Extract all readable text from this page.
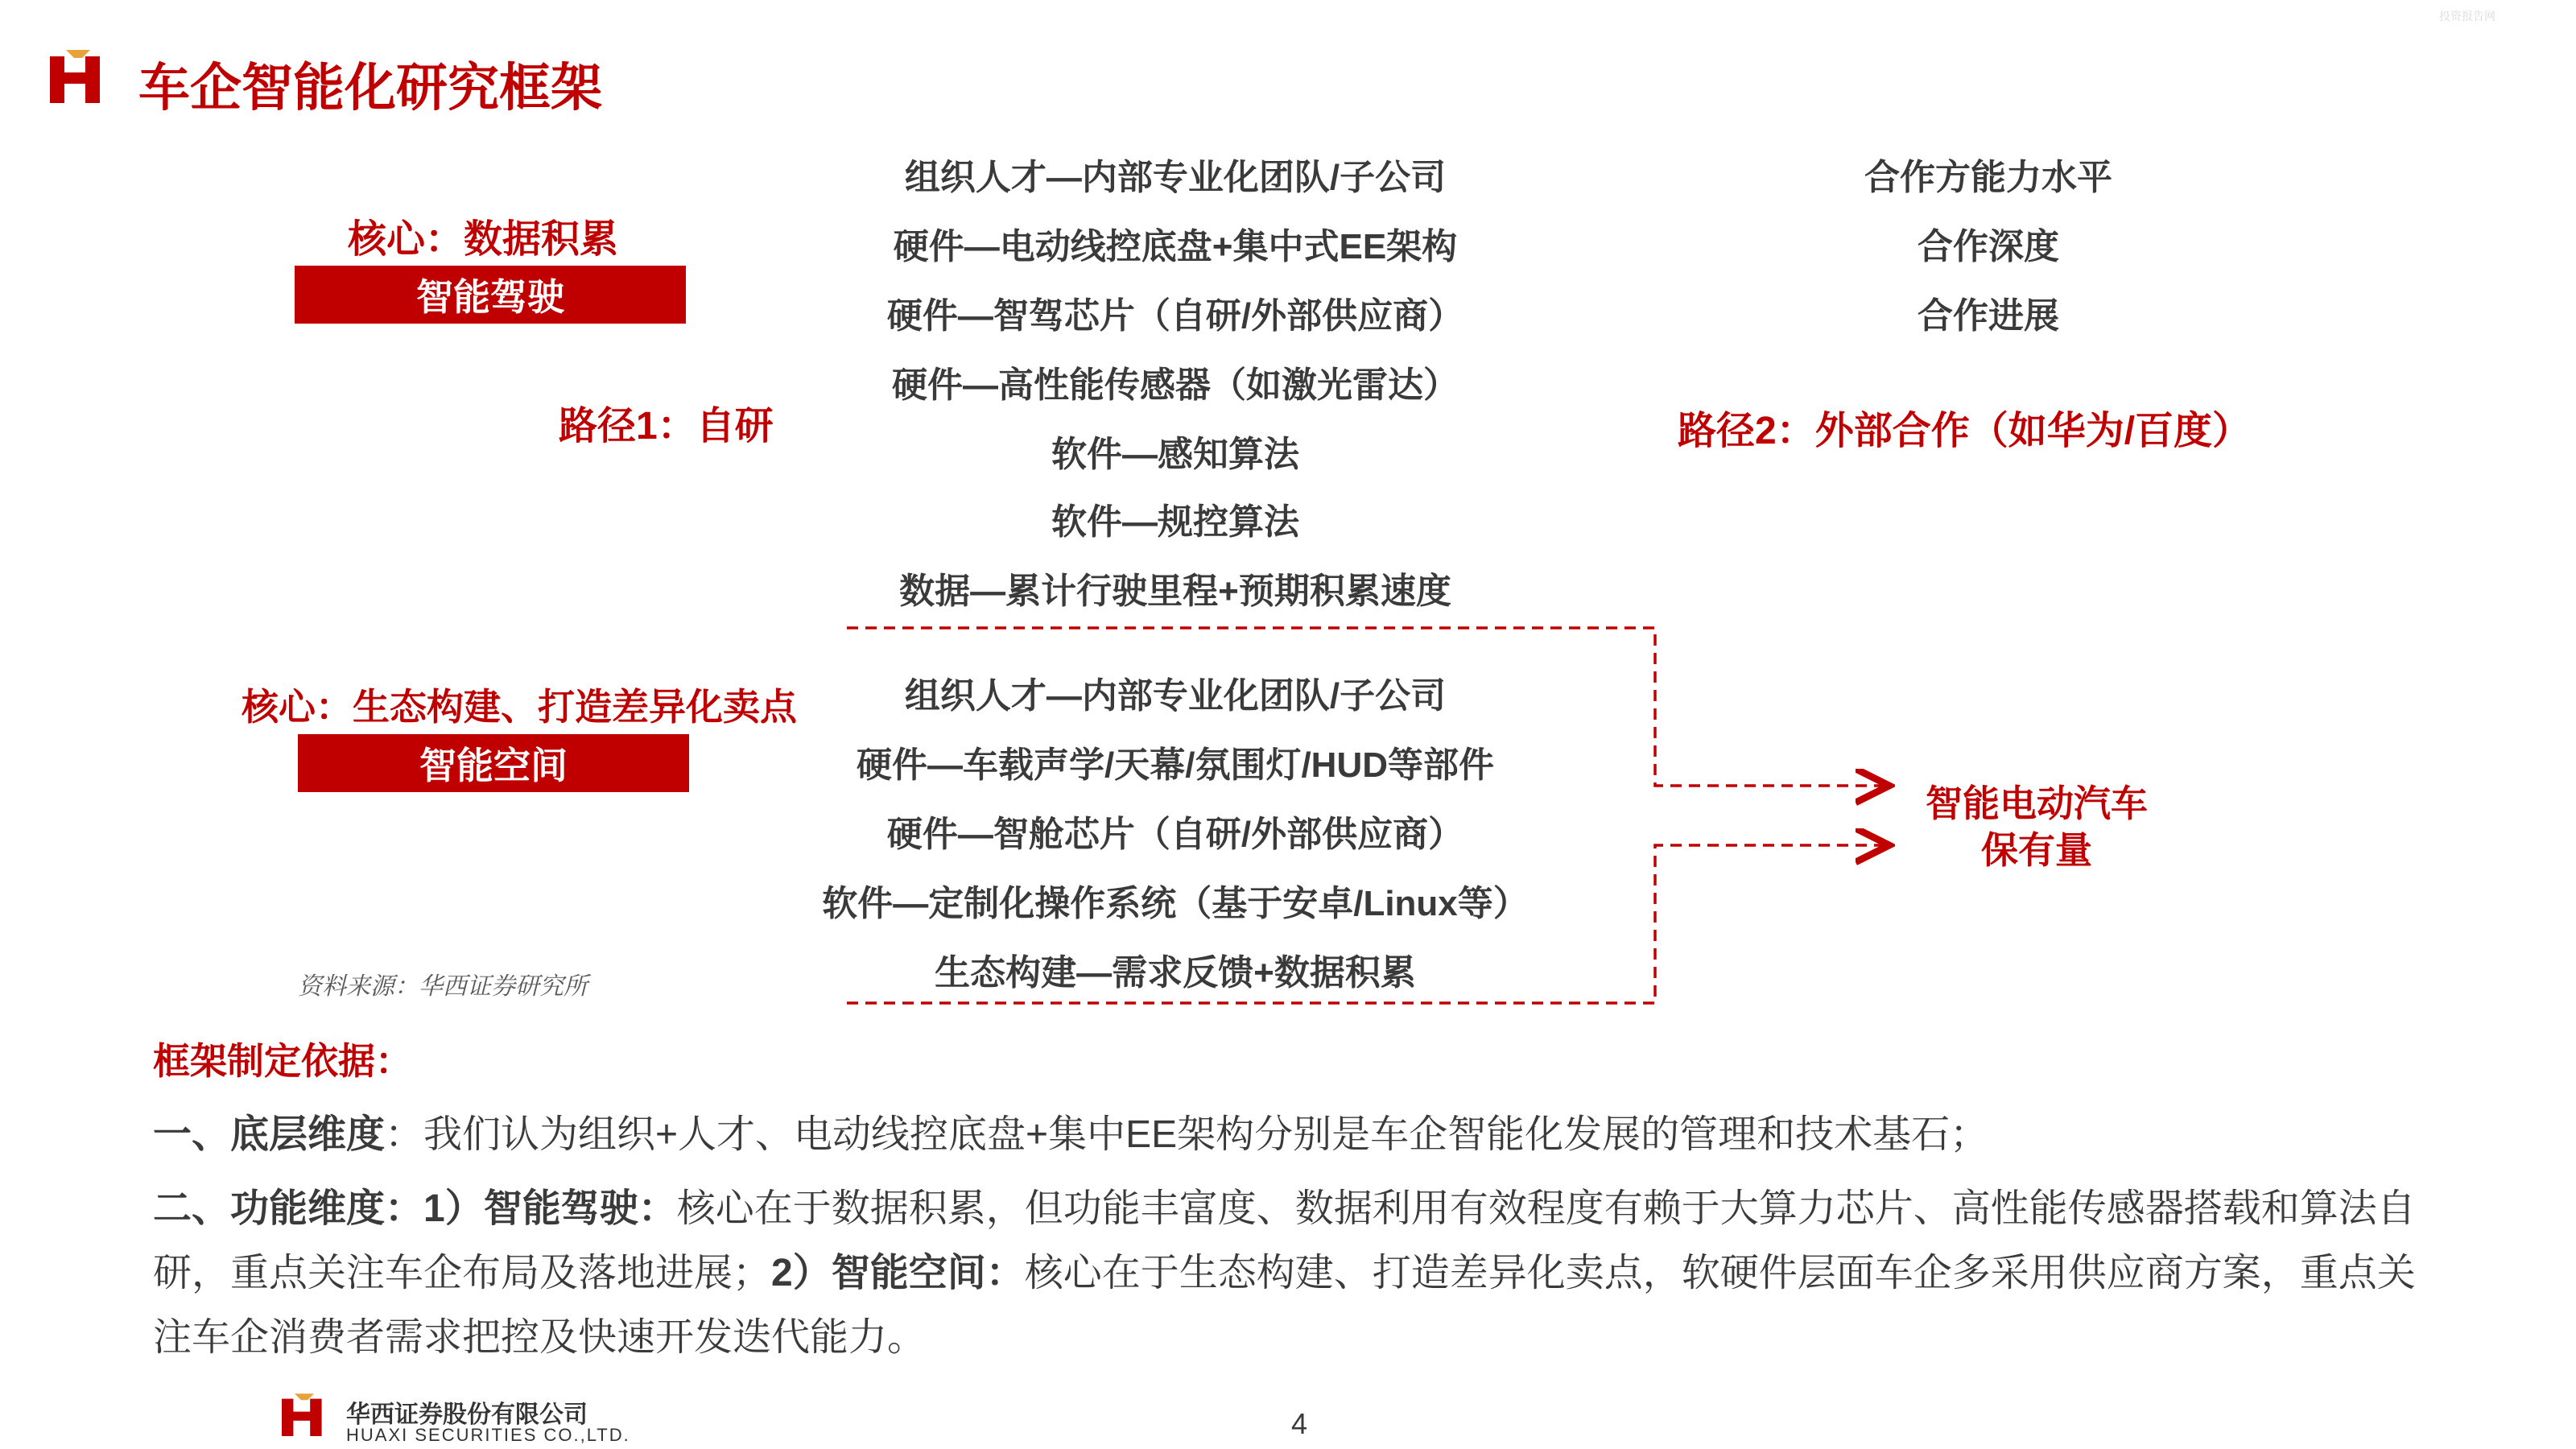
投资报告网
车企智能化研究框架
核心：数据积累
智能驾驶
组织人才—内部专业化团队/子公司
硬件—电动线控底盘+集中式EE架构
硬件—智驾芯片（自研/外部供应商）
硬件—高性能传感器（如激光雷达）
软件—感知算法
软件—规控算法
数据—累计行驶里程+预期积累速度
路径1：自研
合作方能力水平
合作深度
合作进展
路径2：外部合作（如华为/百度）
核心：生态构建、打造差异化卖点
智能空间
组织人才—内部专业化团队/子公司
硬件—车载声学/天幕/氛围灯/HUD等部件
硬件—智舱芯片（自研/外部供应商）
软件—定制化操作系统（基于安卓/Linux等）
生态构建—需求反馈+数据积累
智能电动汽车
保有量
资料来源：华西证券研究所
框架制定依据：
一、底层维度：我们认为组织+人才、电动线控底盘+集中EE架构分别是车企智能化发展的管理和技术基石；
二、功能维度：1）智能驾驶：核心在于数据积累，但功能丰富度、数据利用有效程度有赖于大算力芯片、高性能传感器搭载和算法自研，重点关注车企布局及落地进展；2）智能空间：核心在于生态构建、打造差异化卖点，软硬件层面车企多采用供应商方案，重点关注车企消费者需求把控及快速开发迭代能力。
华西证券股份有限公司
HUAXI SECURITIES CO.,LTD.	4
